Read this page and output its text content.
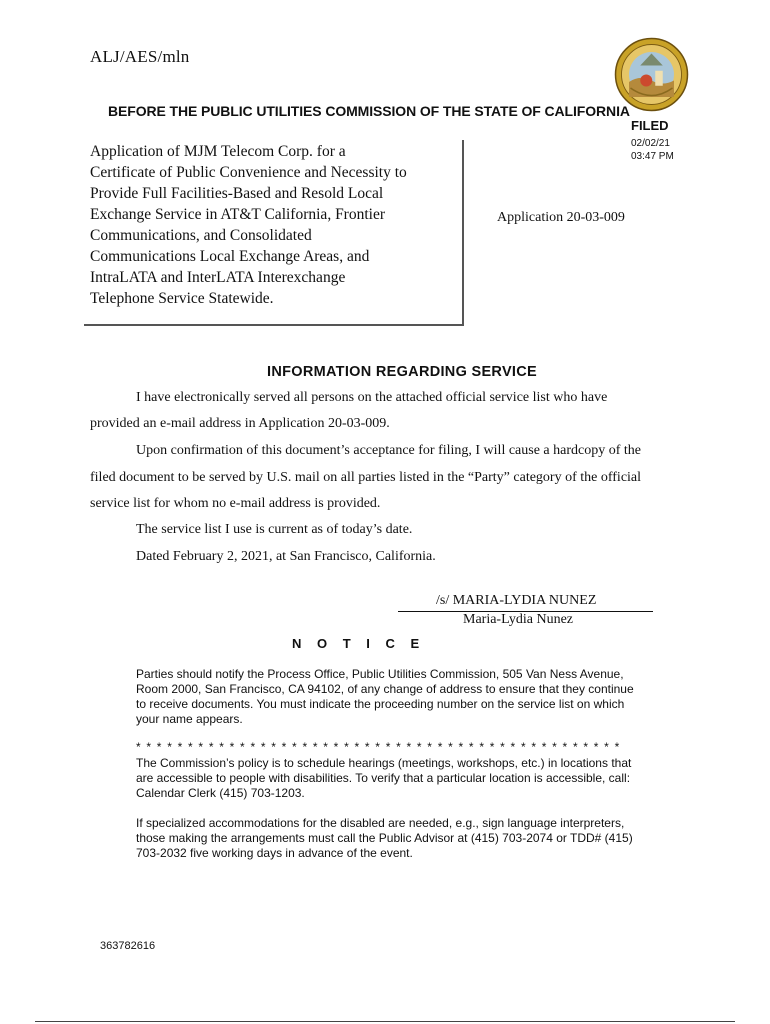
ALJ/AES/mln
BEFORE THE PUBLIC UTILITIES COMMISSION OF THE STATE OF CALIFORNIA
FILED
02/02/21
03:47 PM
Application of MJM Telecom Corp. for a
Certificate of Public Convenience and Necessity to
Provide Full Facilities-Based and Resold Local
Exchange Service in AT&T California, Frontier
Communications, and Consolidated
Communications Local Exchange Areas, and
IntraLATA and InterLATA Interexchange
Telephone Service Statewide.
Application 20-03-009
INFORMATION REGARDING SERVICE
I have electronically served all persons on the attached official service list who have
provided an e-mail address in Application 20-03-009.
Upon confirmation of this document’s acceptance for filing, I will cause a hardcopy of the
filed document to be served by U.S. mail on all parties listed in the “Party” category of the official
service list for whom no e-mail address is provided.
The service list I use is current as of today’s date.
Dated February 2, 2021, at San Francisco, California.
/s/ MARIA-LYDIA NUNEZ
Maria-Lydia Nunez
N O T I C E
Parties should notify the Process Office, Public Utilities Commission, 505 Van Ness Avenue, Room 2000, San Francisco, CA 94102, of any change of address to ensure that they continue to receive documents. You must indicate the proceeding number on the service list on which your name appears.
* * * * * * * * * * * * * * * * * * * * * * * * * * * * * * * * * * * * * * * * * * * * * * *
The Commission’s policy is to schedule hearings (meetings, workshops, etc.) in locations that are accessible to people with disabilities. To verify that a particular location is accessible, call: Calendar Clerk (415) 703-1203.
If specialized accommodations for the disabled are needed, e.g., sign language interpreters, those making the arrangements must call the Public Advisor at (415) 703-2074 or TDD# (415) 703-2032 five working days in advance of the event.
363782616
